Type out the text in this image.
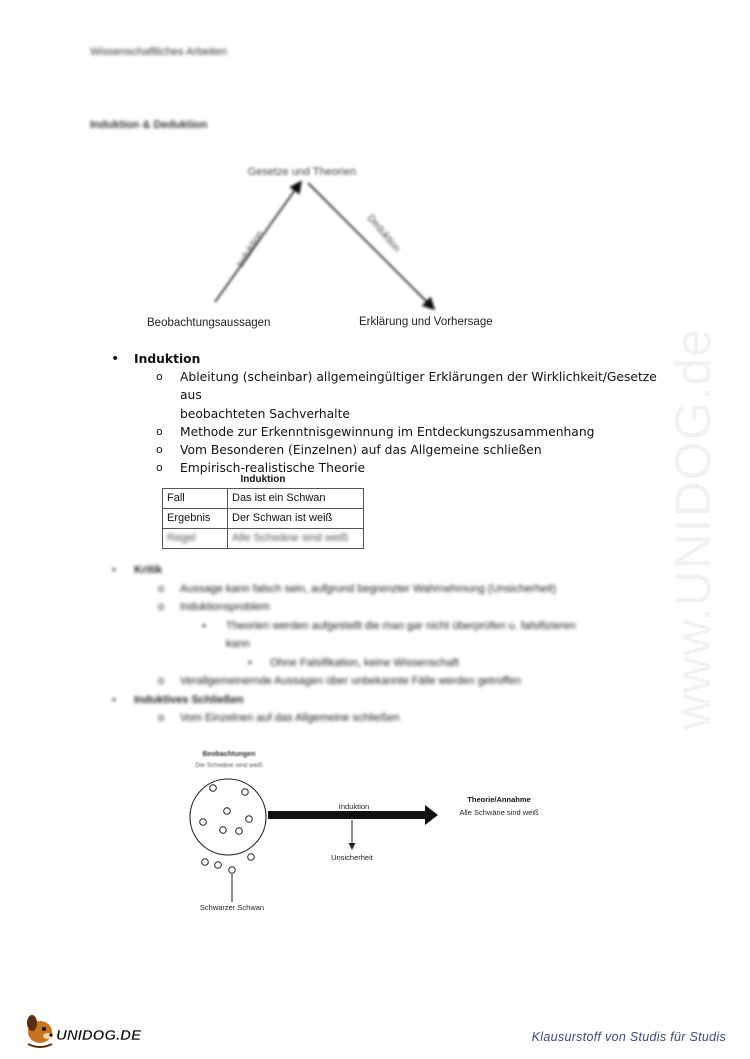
Wissenschaftliches Arbeiten
Induktion & Deduktion
Gesetze und Theorien
Induktion	Deduktion
Beobachtungsaussagen	Erklärung und Vorhersage
• Induktion
o Ableitung (scheinbar) allgemeingültiger Erklärungen der Wirklichkeit/Gesetze aus
beobachteten Sachverhalte
o Methode zur Erkenntnisgewinnung im Entdeckungszusammenhang
o Vom Besonderen (Einzelnen) auf das Allgemeine schließen
o Empirisch-realistische Theorie
Induktion
Fall	Das ist ein Schwan
Ergebnis	Der Schwan ist weiß
Regel	Alle Schwäne sind weiß
• Kritik
o Aussage kann falsch sein, aufgrund begrenzter Wahrnehmung (Unsicherheit)
o Induktionsproblem
▪ Theorien werden aufgestellt die man gar nicht überprüfen u. falsifizieren
kann
• Ohne Falsifikation, keine Wissenschaft
o Verallgemeinernde Aussagen über unbekannte Fälle werden getroffen
• Induktives Schließen
o Vom Einzelnen auf das Allgemeine schließen
Beobachtungen
Die Schwäne sind weiß
Schwarzer Schwan
Induktion
Unsicherheit
Theorie/Annahme
Alle Schwäne sind weiß
www.UNIDOG.de
UNIDOG.DE	Klausurstoff von Studis für Studis
